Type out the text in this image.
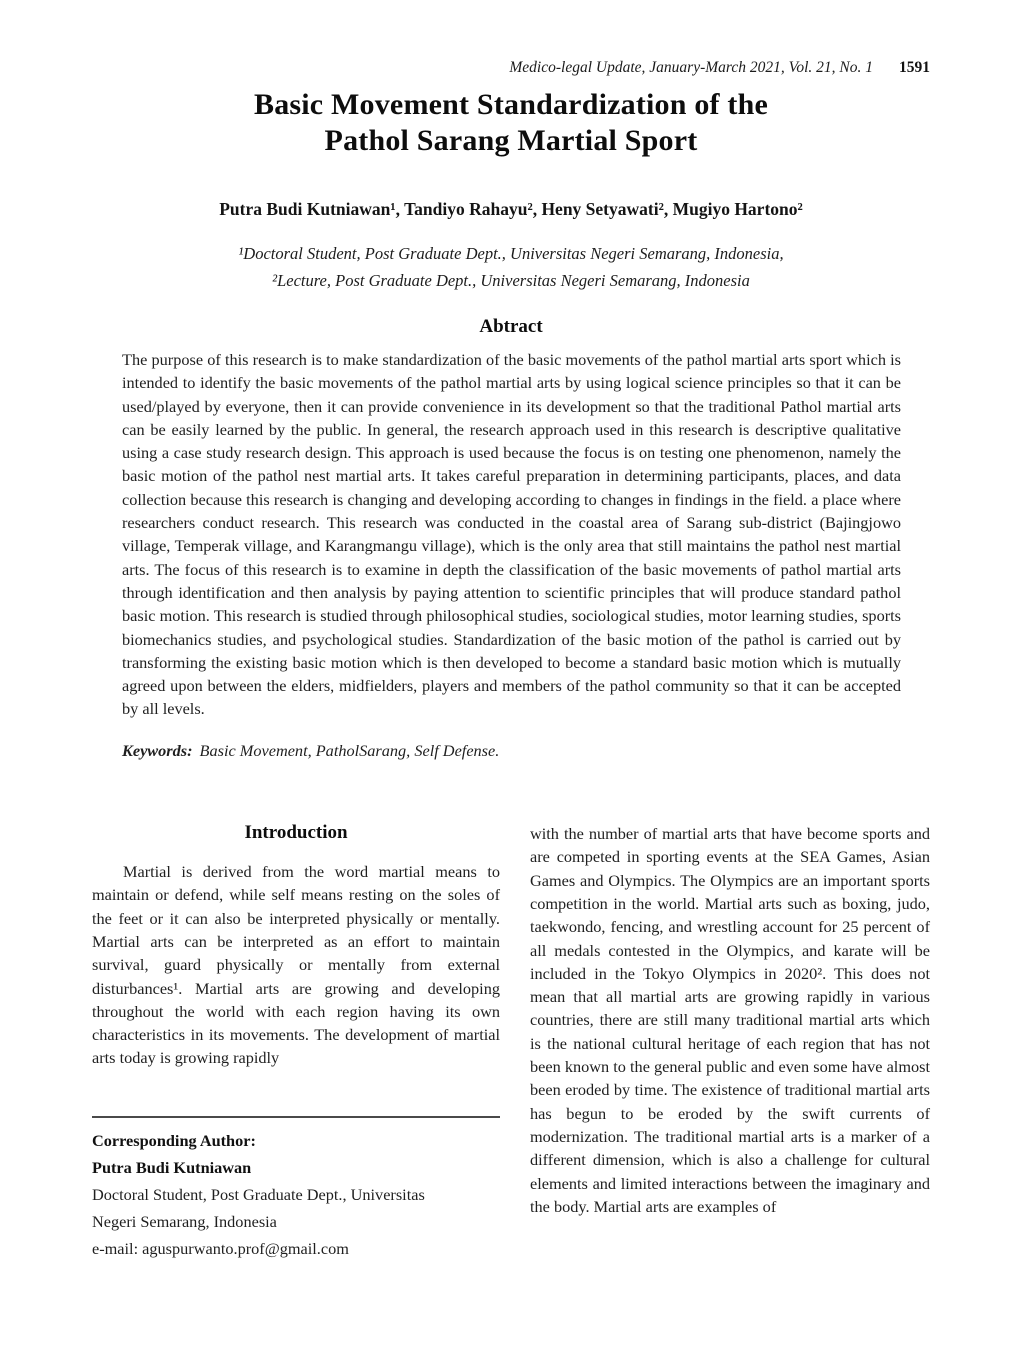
Medico-legal Update, January-March 2021, Vol. 21, No. 1 1591
Basic Movement Standardization of the
Pathol Sarang Martial Sport
Putra Budi Kutniawan¹, Tandiyo Rahayu², Heny Setyawati², Mugiyo Hartono²
¹Doctoral Student, Post Graduate Dept., Universitas Negeri Semarang, Indonesia,
²Lecture, Post Graduate Dept., Universitas Negeri Semarang, Indonesia
Abtract

The purpose of this research is to make standardization of the basic movements of the pathol martial arts sport which is intended to identify the basic movements of the pathol martial arts by using logical science principles so that it can be used/played by everyone, then it can provide convenience in its development so that the traditional Pathol martial arts can be easily learned by the public. In general, the research approach used in this research is descriptive qualitative using a case study research design. This approach is used because the focus is on testing one phenomenon, namely the basic motion of the pathol nest martial arts. It takes careful preparation in determining participants, places, and data collection because this research is changing and developing according to changes in findings in the field. a place where researchers conduct research. This research was conducted in the coastal area of Sarang sub-district (Bajingjowo village, Temperak village, and Karangmangu village), which is the only area that still maintains the pathol nest martial arts. The focus of this research is to examine in depth the classification of the basic movements of pathol martial arts through identification and then analysis by paying attention to scientific principles that will produce standard pathol basic motion. This research is studied through philosophical studies, sociological studies, motor learning studies, sports biomechanics studies, and psychological studies. Standardization of the basic motion of the pathol is carried out by transforming the existing basic motion which is then developed to become a standard basic motion which is mutually agreed upon between the elders, midfielders, players and members of the pathol community so that it can be accepted by all levels.

Keywords: Basic Movement, PatholSarang, Self Defense.

Introduction

Martial is derived from the word martial means to maintain or defend, while self means resting on the soles of the feet or it can also be interpreted physically or mentally. Martial arts can be interpreted as an effort to maintain survival, guard physically or mentally from external disturbances¹. Martial arts are growing and developing throughout the world with each region having its own characteristics in its movements. The development of martial arts today is growing rapidly

Corresponding Author:
Putra Budi Kutniawan
Doctoral Student, Post Graduate Dept., Universitas
Negeri Semarang, Indonesia
e-mail: aguspurwanto.prof@gmail.com

with the number of martial arts that have become sports and are competed in sporting events at the SEA Games, Asian Games and Olympics. The Olympics are an important sports competition in the world. Martial arts such as boxing, judo, taekwondo, fencing, and wrestling account for 25 percent of all medals contested in the Olympics, and karate will be included in the Tokyo Olympics in 2020². This does not mean that all martial arts are growing rapidly in various countries, there are still many traditional martial arts which is the national cultural heritage of each region that has not been known to the general public and even some have almost been eroded by time. The existence of traditional martial arts has begun to be eroded by the swift currents of modernization. The traditional martial arts is a marker of a different dimension, which is also a challenge for cultural elements and limited interactions between the imaginary and the body. Martial arts are examples of
